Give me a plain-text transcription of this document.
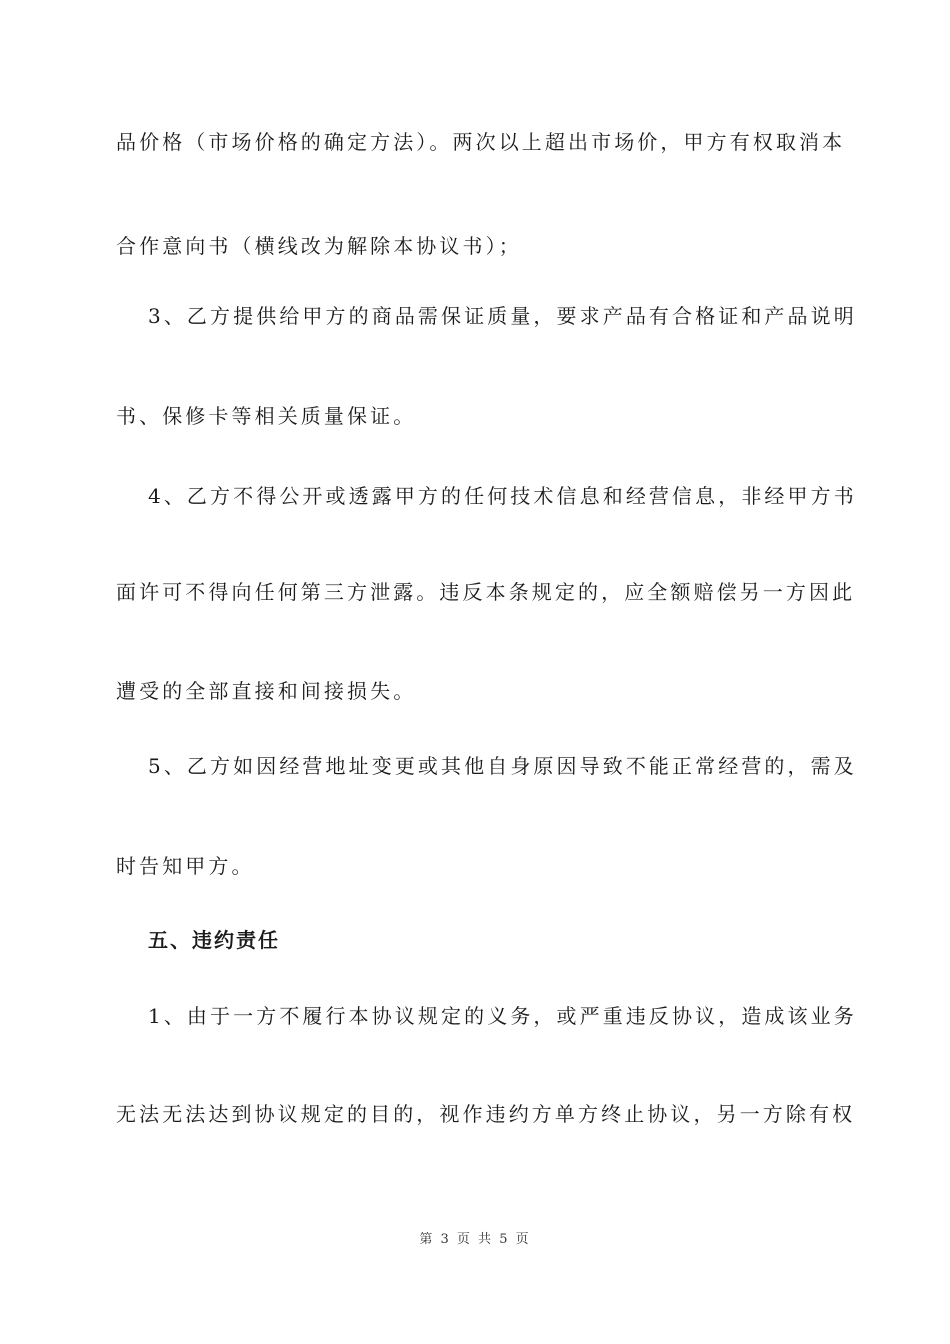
品价格（市场价格的确定方法）。两次以上超出市场价，甲方有权取消本
合作意向书（横线改为解除本协议书）；
3、乙方提供给甲方的商品需保证质量，要求产品有合格证和产品说明
书、保修卡等相关质量保证。
4、乙方不得公开或透露甲方的任何技术信息和经营信息，非经甲方书
面许可不得向任何第三方泄露。违反本条规定的，应全额赔偿另一方因此
遭受的全部直接和间接损失。
5、乙方如因经营地址变更或其他自身原因导致不能正常经营的，需及
时告知甲方。
五、违约责任
1、由于一方不履行本协议规定的义务，或严重违反协议，造成该业务
无法无法达到协议规定的目的，视作违约方单方终止协议，另一方除有权
第 3 页 共 5 页
